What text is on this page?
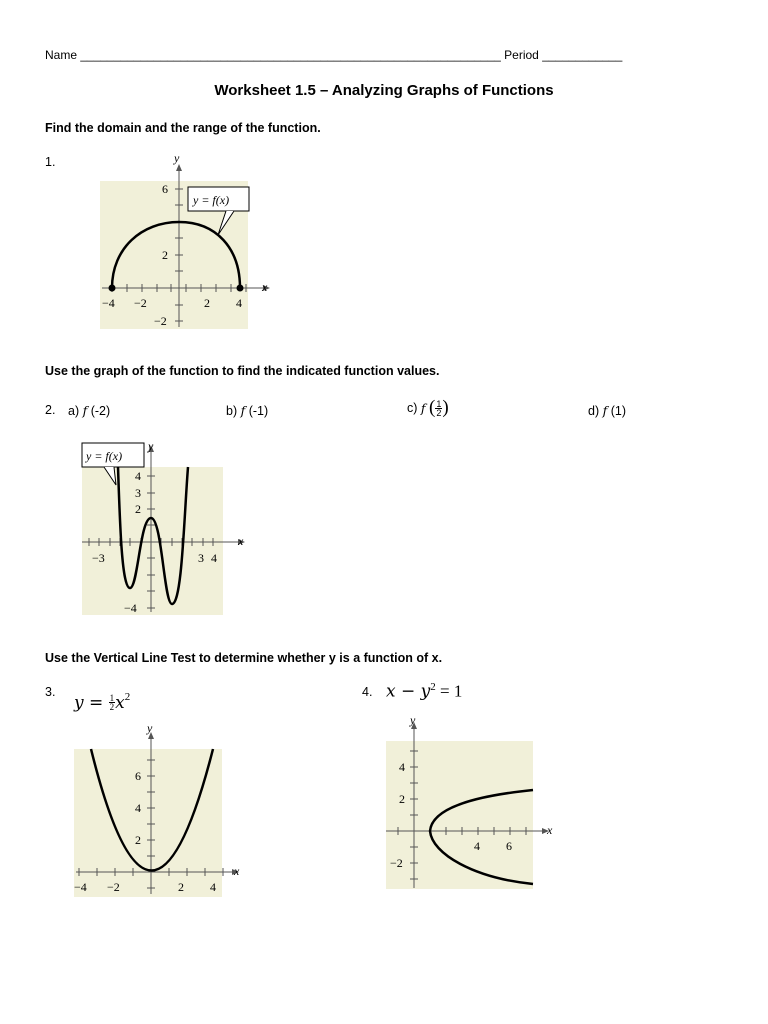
Name _______________________________________________________________ Period ____________
Worksheet 1.5 – Analyzing Graphs of Functions
Find the domain and the range of the function.
1.
y = f(x)
y
x
−4 −2	2 4
6
2
−2
Use the graph of the function to find the indicated function values.
2. a) f (-2)	b) f (-1)	c) f ( $\frac{1}{2}$ )	d) f (1)
y = f(x)
y
x
−3	3 4
4
3
2
−4
Use the Vertical Line Test to determine whether y is a function of x.
3.
$y = \frac{1}{2} x^2$
y
x
−4 −2	2 4
6
4
2
4. $x - y^2 = 1$
y
x
4 6
4
2
−2
